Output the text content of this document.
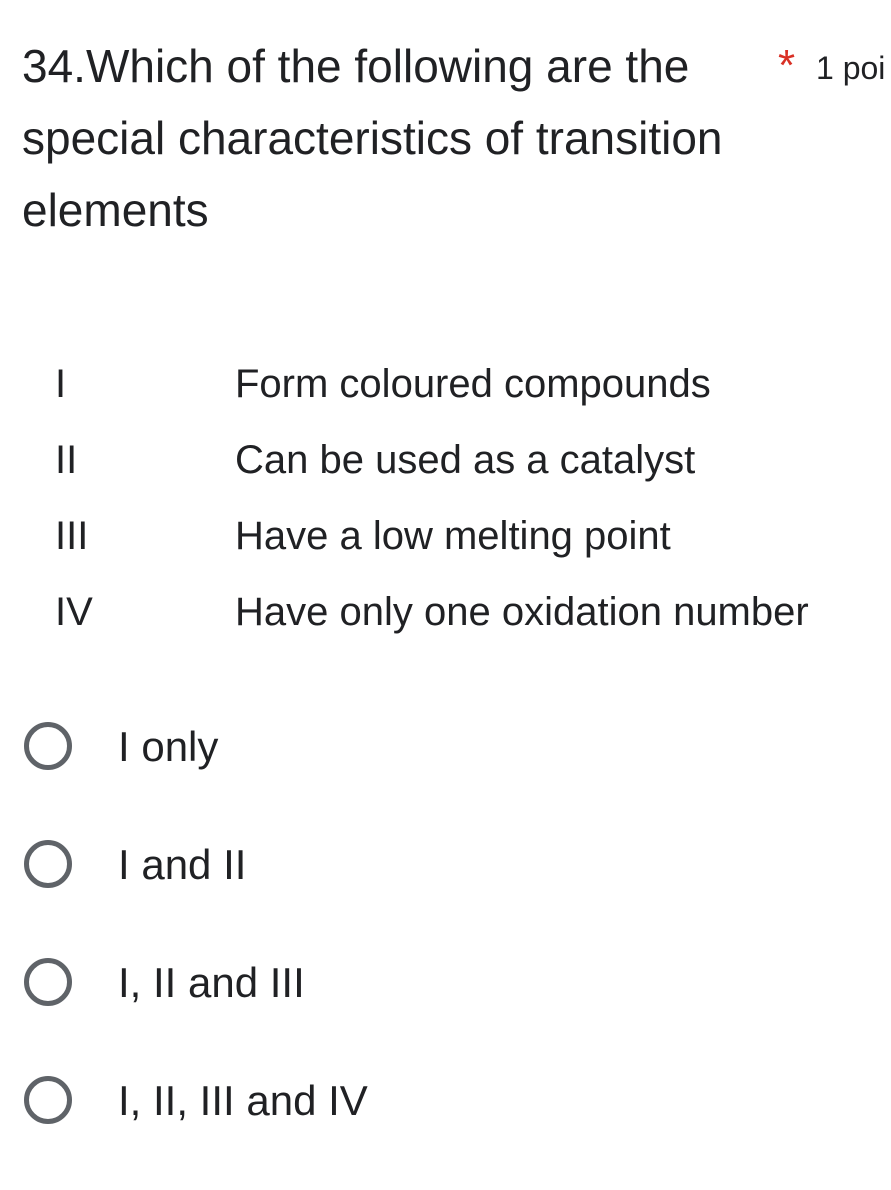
34.Which of the following are the special characteristics of transition elements
* 1 poi
I	Form coloured compounds
II	Can be used as a catalyst
III	Have a low melting point
IV	Have only one oxidation number
I only
I and II
I, II and III
I, II, III and IV
